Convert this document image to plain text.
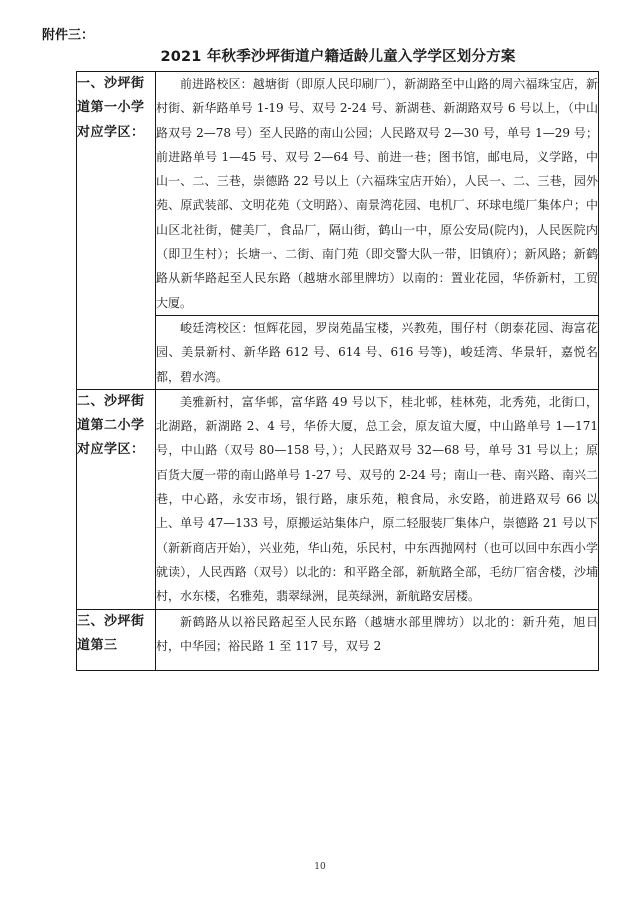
附件三：
2021 年秋季沙坪街道户籍适龄儿童入学学区划分方案
一、沙坪街道第一小学对应学区：	前进路校区：越塘街（即原人民印刷厂），新湖路至中山路的周六福珠宝店，新村街、新华路单号 1-19 号、双号 2-24 号、新湖巷、新湖路双号 6 号以上，（中山路双号 2—78 号）至人民路的南山公园；人民路双号 2—30 号，单号 1—29 号；前进路单号 1—45 号、双号 2—64 号、前进一巷；图书馆，邮电局，义学路，中山一、二、三巷，崇德路 22 号以上（六福珠宝店开始），人民一、二、三巷，园外苑、原武装部、文明花苑（文明路）、南景湾花园、电机厂、环球电缆厂集体户；中山区北社街，健美厂，食品厂，隔山街，鹤山一中，原公安局(院内)，人民医院内（即卫生村）；长塘一、二街、南门苑（即交警大队一带，旧镇府）；新风路；新鹤路从新华路起至人民东路（越塘水部里牌坊）以南的：置业花园，华侨新村，工贸大厦。
	峻廷湾校区：恒辉花园，罗岗苑晶宝楼，兴教苑，围仔村（朗泰花园、海富花园、美景新村、新华路 612 号、614 号、616 号等)，峻廷湾、华景轩，嘉悦名都，碧水湾。
二、沙坪街道第二小学对应学区：	美雅新村，富华邨，富华路 49 号以下，桂北邨，桂林苑，北秀苑，北街口，北湖路，新湖路 2、4 号，华侨大厦，总工会，原友谊大厦，中山路单号 1—171 号，中山路（双号 80—158 号，）；人民路双号 32—68 号，单号 31 号以上；原百货大厦一带的南山路单号 1-27 号、双号的 2-24 号；南山一巷、南兴路、南兴二巷，中心路，永安市场，银行路，康乐苑，粮食局，永安路，前进路双号 66 以上、单号 47—133 号，原搬运站集体户，原二轻服装厂集体户，崇德路 21 号以下（新新商店开始），兴业苑，华山苑，乐民村，中东西抛网村（也可以回中东西小学就读），人民西路（双号）以北的：和平路全部，新航路全部，毛纺厂宿舍楼，沙埔村，水东楼，名雅苑，翡翠绿洲，昆英绿洲，新航路安居楼。
三、沙坪街道第三	新鹤路从以裕民路起至人民东路（越塘水部里牌坊）以北的：新升苑，旭日村，中华园；裕民路 1 至 117 号，双号 2
10
